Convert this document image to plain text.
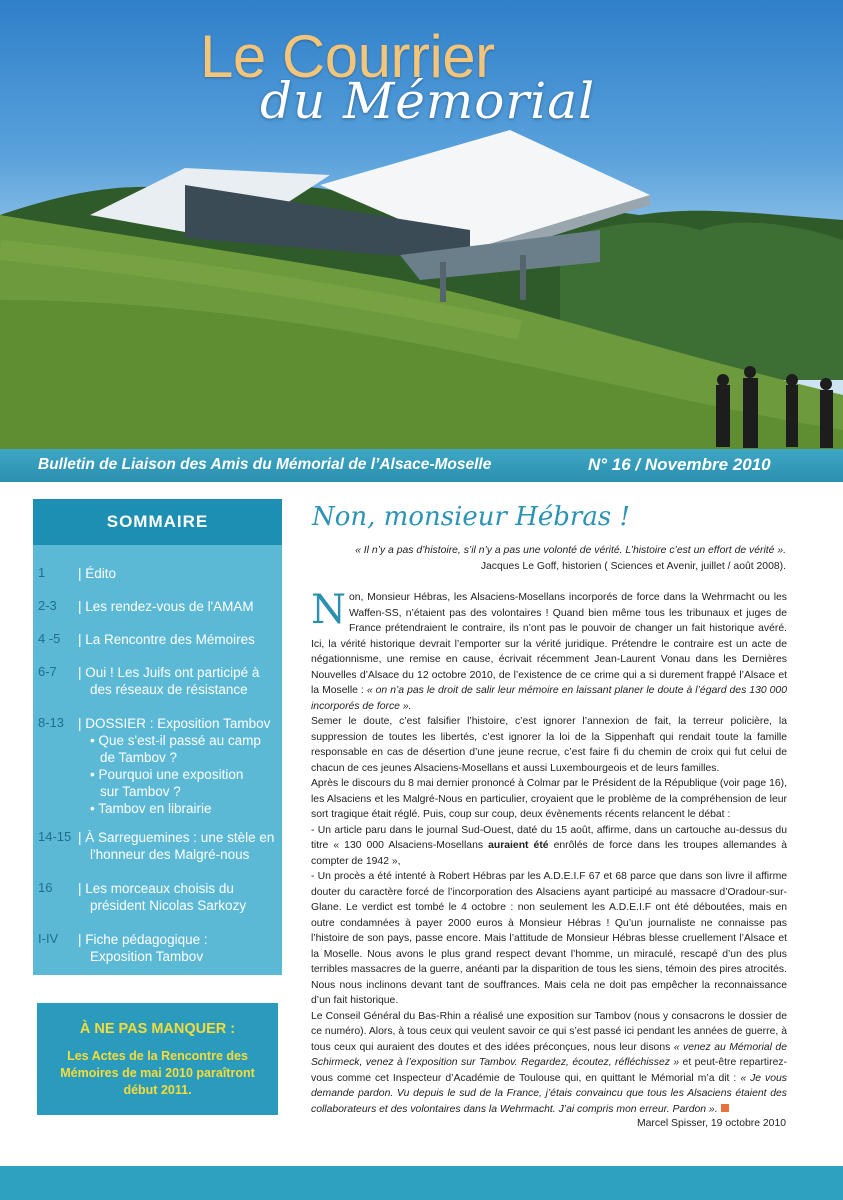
Le Courrier
du Mémorial
Bulletin de Liaison des Amis du Mémorial de l’Alsace-Moselle	N° 16 / Novembre 2010
SOMMAIRE
1	| Édito
2-3	| Les rendez-vous de l'AMAM
4 -5	| La Rencontre des Mémoires
6-7	| Oui ! Les Juifs ont participé à
des réseaux de résistance
8-13	| DOSSIER : Exposition Tambov
• Que s'est-il passé au camp
de Tambov ?
• Pourquoi une exposition
sur Tambov ?
• Tambov en librairie
14-15 | À Sarreguemines : une stèle en
l'honneur des Malgré-nous
16	| Les morceaux choisis du
président Nicolas Sarkozy
I-IV	| Fiche pédagogique :
Exposition Tambov
À NE PAS MANQUER :
Les Actes de la Rencontre des Mémoires de mai 2010 paraîtront début 2011.
Non, monsieur Hébras !
« Il n’y a pas d’histoire, s’il n’y a pas une volonté de vérité. L’histoire c’est un effort de vérité ».
Jacques Le Goff, historien ( Sciences et Avenir, juillet / août 2008).

Non, Monsieur Hébras, les Alsaciens-Mosellans incorporés de force dans la Wehrmacht ou les Waffen-SS, n’étaient pas des volontaires ! Quand bien même tous les tribunaux et juges de France prétendraient le contraire, ils n’ont pas le pouvoir de changer un fait historique avéré. Ici, la vérité historique devrait l’emporter sur la vérité juridique. Prétendre le contraire est un acte de négationnisme, une remise en cause, écrivait récemment Jean-Laurent Vonau dans les Dernières Nouvelles d’Alsace du 12 octobre 2010, de l’existence de ce crime qui a si durement frappé l’Alsace et la Moselle : « on n’a pas le droit de salir leur mémoire en laissant planer le doute à l’égard des 130 000 incorporés de force ».

Semer le doute, c’est falsifier l’histoire, c’est ignorer l’annexion de fait, la terreur policière, la suppression de toutes les libertés, c’est ignorer la loi de la Sippenhaft qui rendait toute la famille responsable en cas de désertion d’une jeune recrue, c’est faire fi du chemin de croix qui fut celui de chacun de ces jeunes Alsaciens-Mosellans et aussi Luxembourgeois et de leurs familles.

Après le discours du 8 mai dernier prononcé à Colmar par le Président de la République (voir page 16), les Alsaciens et les Malgré-Nous en particulier, croyaient que le problème de la compréhension de leur sort tragique était réglé. Puis, coup sur coup, deux évènements récents relancent le débat :

- Un article paru dans le journal Sud-Ouest, daté du 15 août, affirme, dans un cartouche au-dessus du titre « 130 000 Alsaciens-Mosellans auraient été enrôlés de force dans les troupes allemandes à compter de 1942 »,

- Un procès a été intenté à Robert Hébras par les A.D.E.I.F 67 et 68 parce que dans son livre il affirme douter du caractère forcé de l’incorporation des Alsaciens ayant participé au massacre d’Oradour-sur-Glane. Le verdict est tombé le 4 octobre : non seulement les A.D.E.I.F ont été déboutées, mais en outre condamnées à payer 2000 euros à Monsieur Hébras ! Qu’un journaliste ne connaisse pas l’histoire de son pays, passe encore. Mais l’attitude de Monsieur Hébras blesse cruellement l’Alsace et la Moselle. Nous avons le plus grand respect devant l’homme, un miraculé, rescapé d’un des plus terribles massacres de la guerre, anéanti par la disparition de tous les siens, témoin des pires atrocités. Nous nous inclinons devant tant de souffrances. Mais cela ne doit pas empêcher la reconnaissance d’un fait historique.

Le Conseil Général du Bas-Rhin a réalisé une exposition sur Tambov (nous y consacrons le dossier de ce numéro). Alors, à tous ceux qui veulent savoir ce qui s’est passé ici pendant les années de guerre, à tous ceux qui auraient des doutes et des idées préconçues, nous leur disons « venez au Mémorial de Schirmeck, venez à l’exposition sur Tambov. Regardez, écoutez, réfléchissez » et peut-être repartirez-vous comme cet Inspecteur d’Académie de Toulouse qui, en quittant le Mémorial m’a dit : « Je vous demande pardon. Vu depuis le sud de la France, j’étais convaincu que tous les Alsaciens étaient des collaborateurs et des volontaires dans la Wehrmacht. J’ai compris mon erreur. Pardon ».

Marcel Spisser, 19 octobre 2010
